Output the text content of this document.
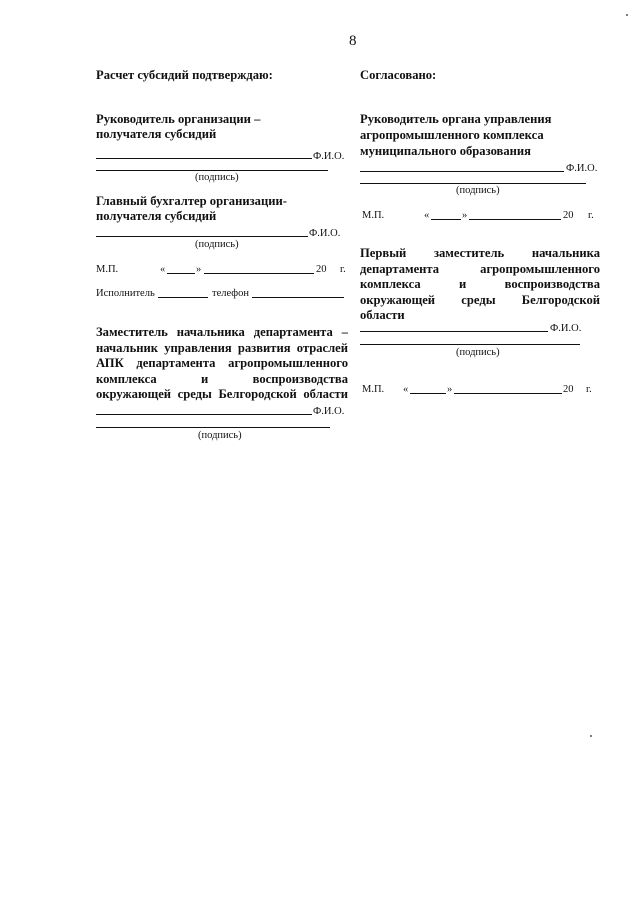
8
Расчет субсидий подтверждаю:
Руководитель организации –
получателя субсидий
Ф.И.О.
(подпись)
Главный бухгалтер организации-
получателя субсидий
Ф.И.О.
(подпись)
М.П.	«	»	20 г.
Исполнитель	телефон
Заместитель начальника департамента –
начальник управления развития отраслей
АПК департамента агропромышленного
комплекса и воспроизводства
окружающей среды Белгородской области
Ф.И.О.
(подпись)
Согласовано:
Руководитель органа управления
агропромышленного комплекса
муниципального образования
Ф.И.О.
(подпись)
М.П.	«	»	20 г.
Первый заместитель начальника
департамента агропромышленного
комплекса и воспроизводства
окружающей среды Белгородской
области
Ф.И.О.
(подпись)
М.П. «	»	20 г.
